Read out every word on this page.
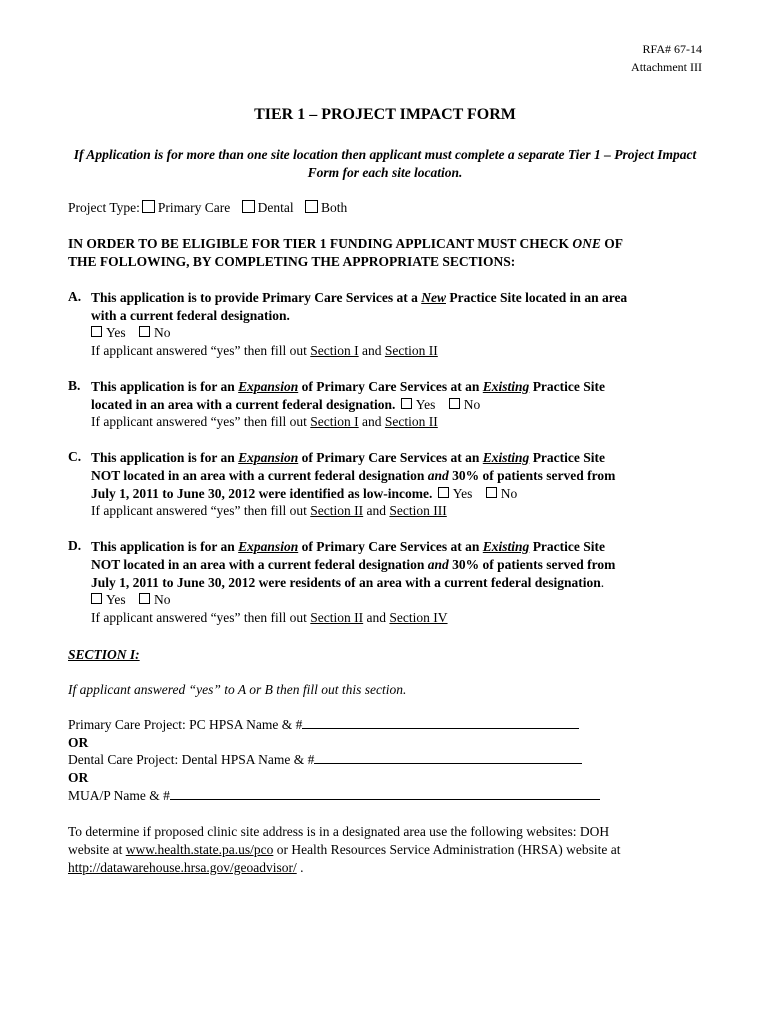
RFA# 67-14
Attachment III
TIER 1 – PROJECT IMPACT FORM
If Application is for more than one site location then applicant must complete a separate Tier 1 – Project Impact Form for each site location.
Project Type: Primary Care Dental Both
IN ORDER TO BE ELIGIBLE FOR TIER 1 FUNDING APPLICANT MUST CHECK ONE OF
THE FOLLOWING, BY COMPLETING THE APPROPRIATE SECTIONS:
A. This application is to provide Primary Care Services at a New Practice Site located in an area
with a current federal designation.
Yes No
If applicant answered “yes” then fill out Section I and Section II
B. This application is for an Expansion of Primary Care Services at an Existing Practice Site
located in an area with a current federal designation. Yes No
If applicant answered “yes” then fill out Section I and Section II
C. This application is for an Expansion of Primary Care Services at an Existing Practice Site
NOT located in an area with a current federal designation and 30% of patients served from
July 1, 2011 to June 30, 2012 were identified as low-income. Yes No
If applicant answered “yes” then fill out Section II and Section III
D. This application is for an Expansion of Primary Care Services at an Existing Practice Site
NOT located in an area with a current federal designation and 30% of patients served from
July 1, 2011 to June 30, 2012 were residents of an area with a current federal designation.
Yes No
If applicant answered “yes” then fill out Section II and Section IV
SECTION I:
If applicant answered “yes” to A or B then fill out this section.
Primary Care Project: PC HPSA Name & #
OR
Dental Care Project: Dental HPSA Name & #
OR
MUA/P Name & #
To determine if proposed clinic site address is in a designated area use the following websites: DOH
website at www.health.state.pa.us/pco or Health Resources Service Administration (HRSA) website at
http://datawarehouse.hrsa.gov/geoadvisor/ .
